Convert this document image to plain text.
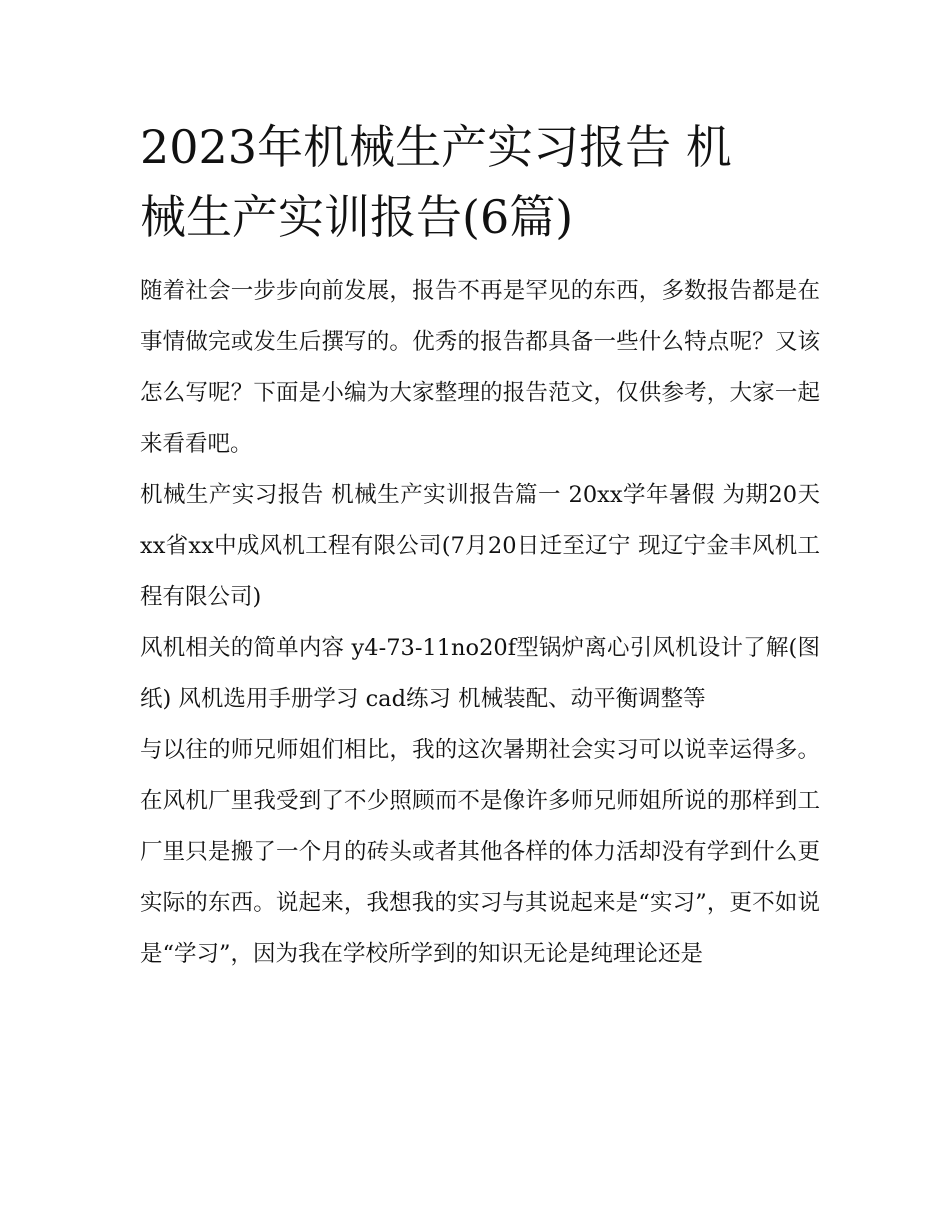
2023年机械生产实习报告 机
械生产实训报告(6篇)

随着社会一步步向前发展，报告不再是罕见的东西，多数报告都是在事情做完或发生后撰写的。优秀的报告都具备一些什么特点呢？又该怎么写呢？下面是小编为大家整理的报告范文，仅供参考，大家一起来看看吧。

机械生产实习报告 机械生产实训报告篇一 20xx学年暑假 为期20天 xx省xx中成风机工程有限公司(7月20日迁至辽宁 现辽宁金丰风机工程有限公司)

风机相关的简单内容 y4-73-11no20f型锅炉离心引风机设计了解(图纸) 风机选用手册学习 cad练习 机械装配、动平衡调整等

与以往的师兄师姐们相比，我的这次暑期社会实习可以说幸运得多。在风机厂里我受到了不少照顾而不是像许多师兄师姐所说的那样到工厂里只是搬了一个月的砖头或者其他各样的体力活却没有学到什么更实际的东西。说起来，我想我的实习与其说起来是“实习”，更不如说是“学习”，因为我在学校所学到的知识无论是纯理论还是
